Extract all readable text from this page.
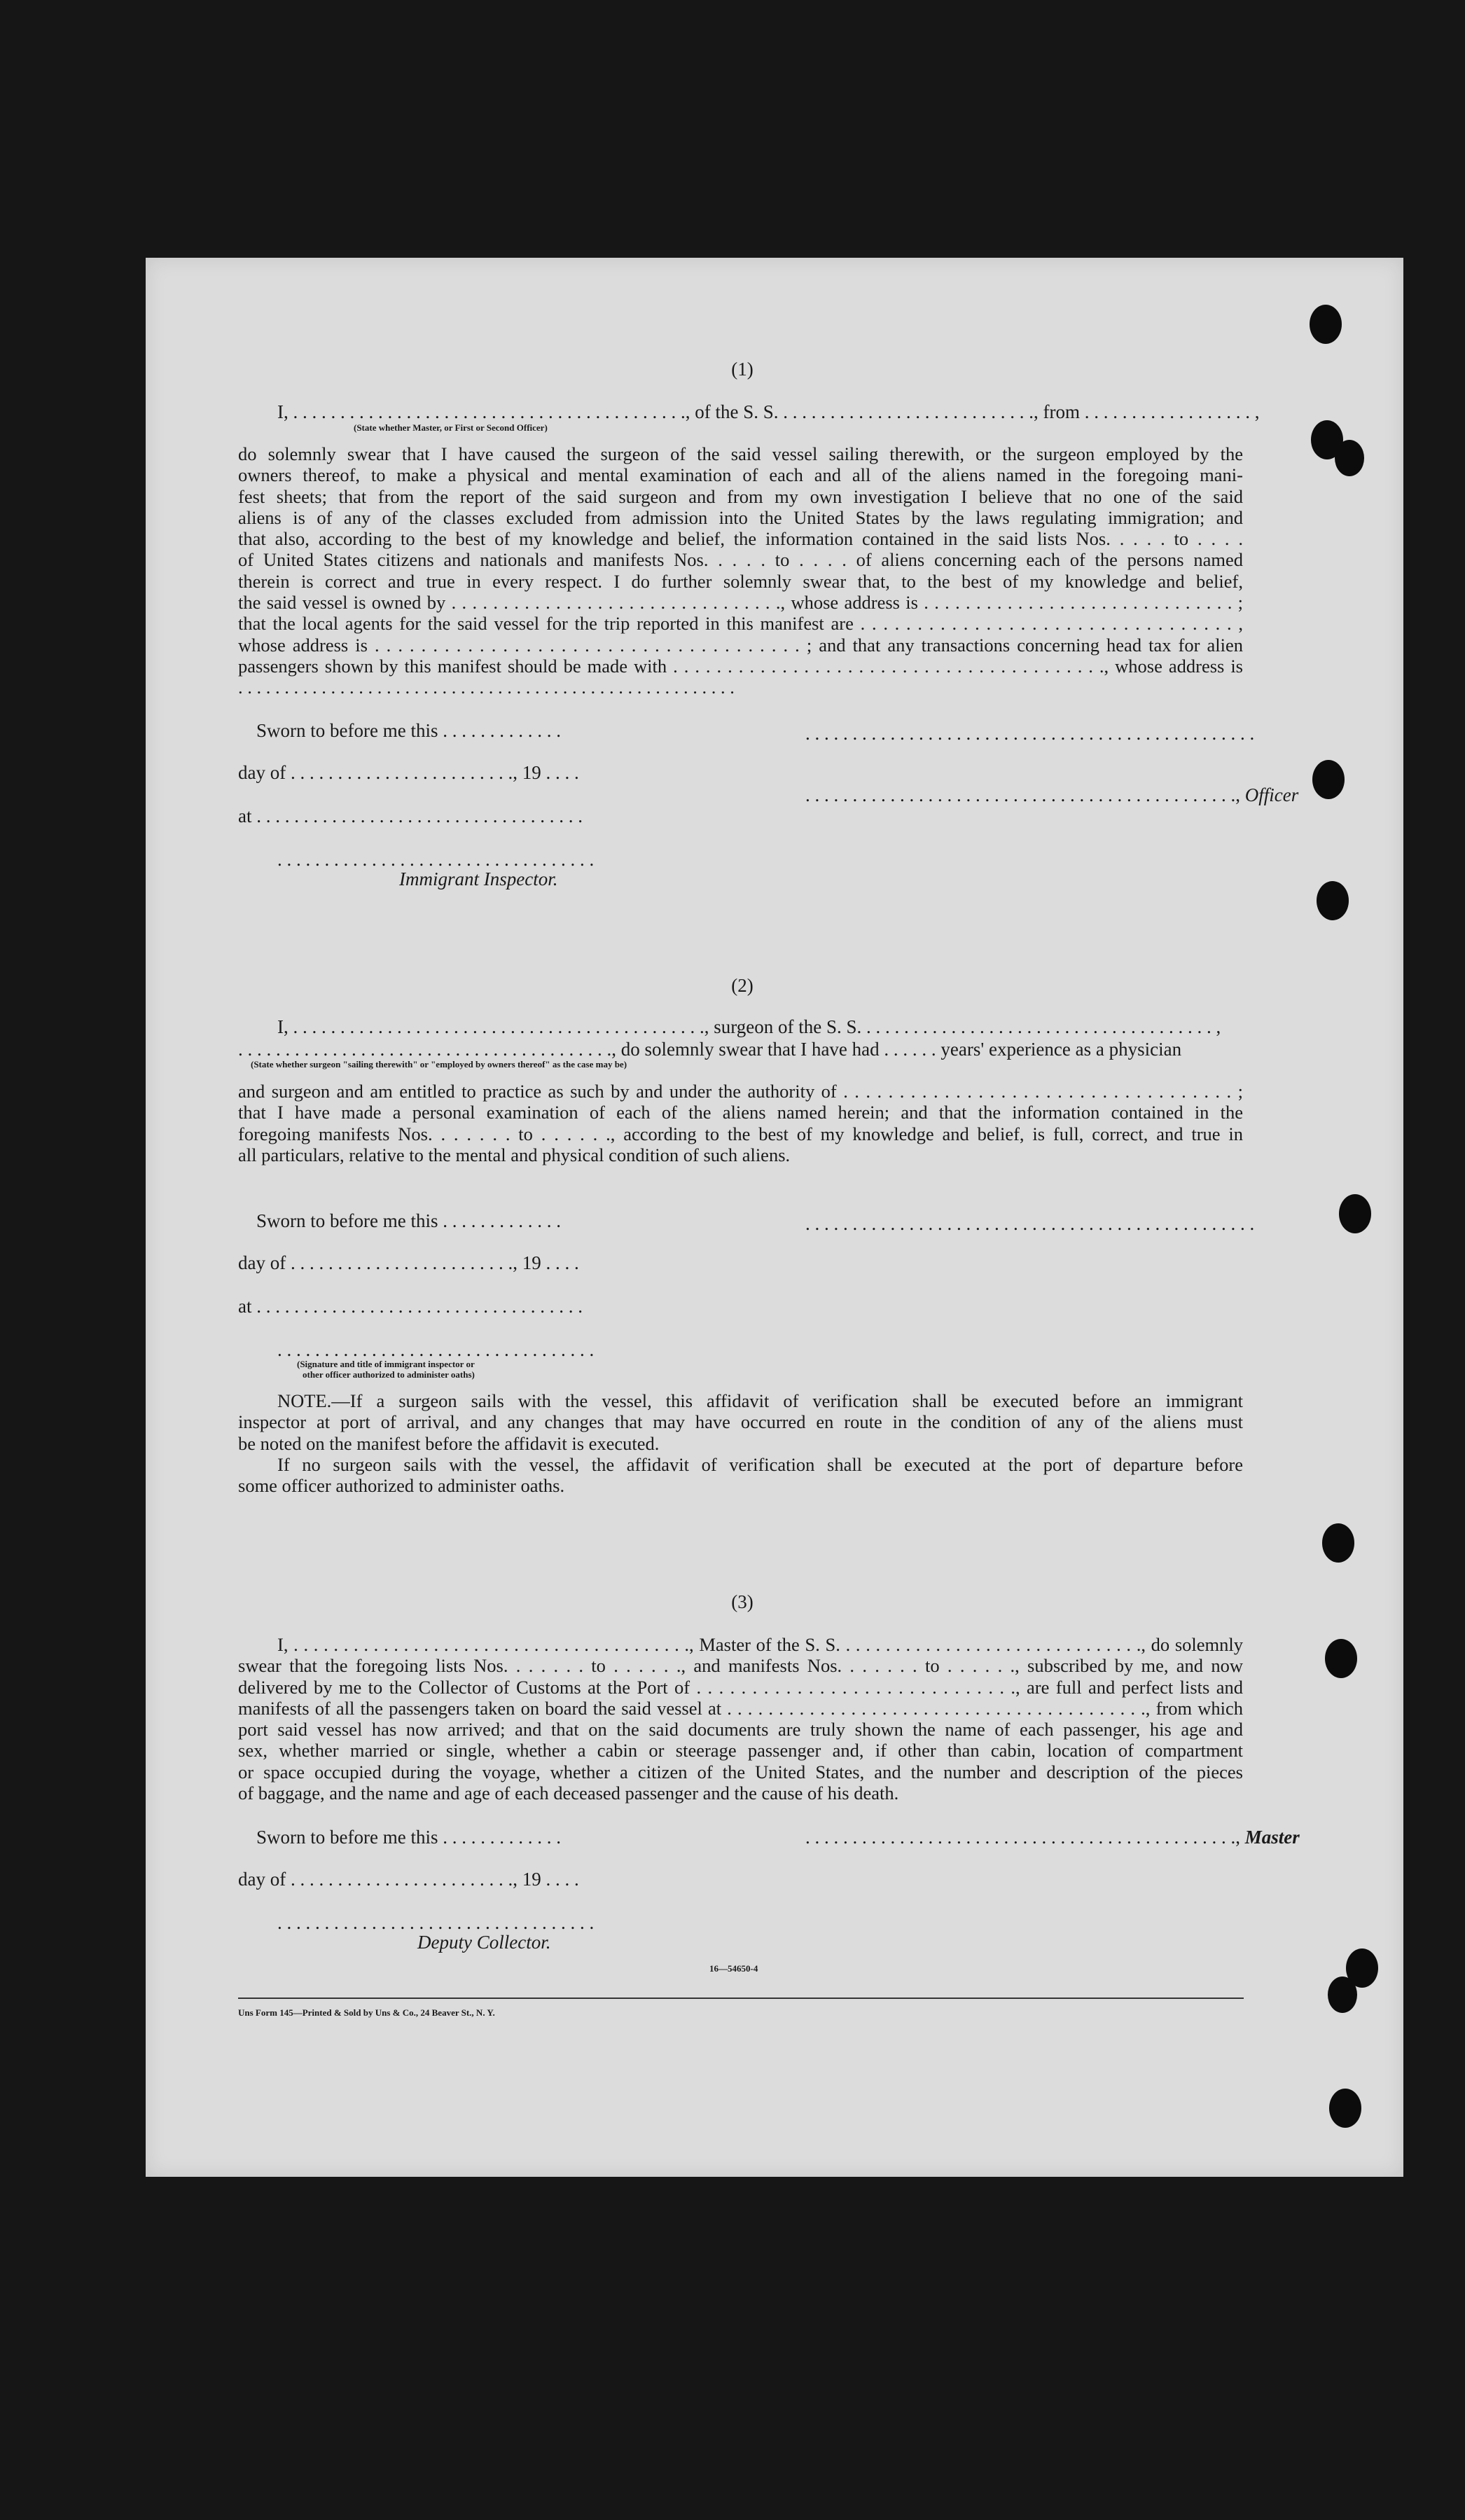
(1)
I, . . . . . . . . . . . . . . . . . . . . . . . . . . . . . . . . . . . . . . . . . ., of the S. S. . . . . . . . . . . . . . . . . . . . . . . . . . . ., from . . . . . . . . . . . . . . . . . . ,
(State whether Master, or First or Second Officer)
do solemnly swear that I have caused the surgeon of the said vessel sailing therewith, or the surgeon employed by the
owners thereof, to make a physical and mental examination of each and all of the aliens named in the foregoing mani-
fest sheets; that from the report of the said surgeon and from my own investigation I believe that no one of the said
aliens is of any of the classes excluded from admission into the United States by the laws regulating immigration; and
that also, according to the best of my knowledge and belief, the information contained in the said lists Nos. . . . . to . . . .
of United States citizens and nationals and manifests Nos. . . . . to . . . . of aliens concerning each of the persons named
therein is correct and true in every respect. I do further solemnly swear that, to the best of my knowledge and belief,
the said vessel is owned by . . . . . . . . . . . . . . . . . . . . . . . . . . . . . . . ., whose address is . . . . . . . . . . . . . . . . . . . . . . . . . . . . . . ;
that the local agents for the said vessel for the trip reported in this manifest are . . . . . . . . . . . . . . . . . . . . . . . . . . . . . . . . . ,
whose address is . . . . . . . . . . . . . . . . . . . . . . . . . . . . . . . . . . . . . ; and that any transactions concerning head tax for alien
passengers shown by this manifest should be made with . . . . . . . . . . . . . . . . . . . . . . . . . . . . . . . . . . . . . . . ., whose address is
. . . . . . . . . . . . . . . . . . . . . . . . . . . . . . . . . . . . . . . . . . . . . . . . . . . . . .
Sworn to before me this . . . . . . . . . . . . .	. . . . . . . . . . . . . . . . . . . . . . . . . . . . . . . . . . . . . . . . . . . . . . . .
day of . . . . . . . . . . . . . . . . . . . . . . . ., 19 . . . .
. . . . . . . . . . . . . . . . . . . . . . . . . . . . . . . . . . . . . . . . . . . . . ., Officer
at . . . . . . . . . . . . . . . . . . . . . . . . . . . . . . . . . . .
. . . . . . . . . . . . . . . . . . . . . . . . . . . . . . . . . .
Immigrant Inspector.
(2)
I, . . . . . . . . . . . . . . . . . . . . . . . . . . . . . . . . . . . . . . . . . . . ., surgeon of the S. S. . . . . . . . . . . . . . . . . . . . . . . . . . . . . . . . . . . . . . ,
. . . . . . . . . . . . . . . . . . . . . . . . . . . . . . . . . . . . . . . ., do solemnly swear that I have had . . . . . . years' experience as a physician
(State whether surgeon "sailing therewith" or "employed by owners thereof" as the case may be)
and surgeon and am entitled to practice as such by and under the authority of . . . . . . . . . . . . . . . . . . . . . . . . . . . . . . . . . . . ;
that I have made a personal examination of each of the aliens named herein; and that the information contained in the
foregoing manifests Nos. . . . . . . to . . . . . ., according to the best of my knowledge and belief, is full, correct, and true in
all particulars, relative to the mental and physical condition of such aliens.
Sworn to before me this . . . . . . . . . . . . .	. . . . . . . . . . . . . . . . . . . . . . . . . . . . . . . . . . . . . . . . . . . . . . . .
day of . . . . . . . . . . . . . . . . . . . . . . . ., 19 . . . .
at . . . . . . . . . . . . . . . . . . . . . . . . . . . . . . . . . . .
. . . . . . . . . . . . . . . . . . . . . . . . . . . . . . . . . .
(Signature and title of immigrant inspector or
other officer authorized to administer oaths)
NOTE.—If a surgeon sails with the vessel, this affidavit of verification shall be executed before an immigrant
inspector at port of arrival, and any changes that may have occurred en route in the condition of any of the aliens must
be noted on the manifest before the affidavit is executed.
If no surgeon sails with the vessel, the affidavit of verification shall be executed at the port of departure before
some officer authorized to administer oaths.
(3)
I, . . . . . . . . . . . . . . . . . . . . . . . . . . . . . . . . . . . . . . . ., Master of the S. S. . . . . . . . . . . . . . . . . . . . . . . . . . . . . . ., do solemnly
swear that the foregoing lists Nos. . . . . . . to . . . . . ., and manifests Nos. . . . . . . to . . . . . ., subscribed by me, and now
delivered by me to the Collector of Customs at the Port of . . . . . . . . . . . . . . . . . . . . . . . . . . . . ., are full and perfect lists and
manifests of all the passengers taken on board the said vessel at . . . . . . . . . . . . . . . . . . . . . . . . . . . . . . . . . . . . . . . . ., from which
port said vessel has now arrived; and that on the said documents are truly shown the name of each passenger, his age and
sex, whether married or single, whether a cabin or steerage passenger and, if other than cabin, location of compartment
or space occupied during the voyage, whether a citizen of the United States, and the number and description of the pieces
of baggage, and the name and age of each deceased passenger and the cause of his death.
Sworn to before me this . . . . . . . . . . . . .	. . . . . . . . . . . . . . . . . . . . . . . . . . . . . . . . . . . . . . . . . . . . . ., Master
day of . . . . . . . . . . . . . . . . . . . . . . . ., 19 . . . .
. . . . . . . . . . . . . . . . . . . . . . . . . . . . . . . . . .
Deputy Collector.
16—54650-4
Uns Form 145—Printed & Sold by Uns & Co., 24 Beaver St., N. Y.
